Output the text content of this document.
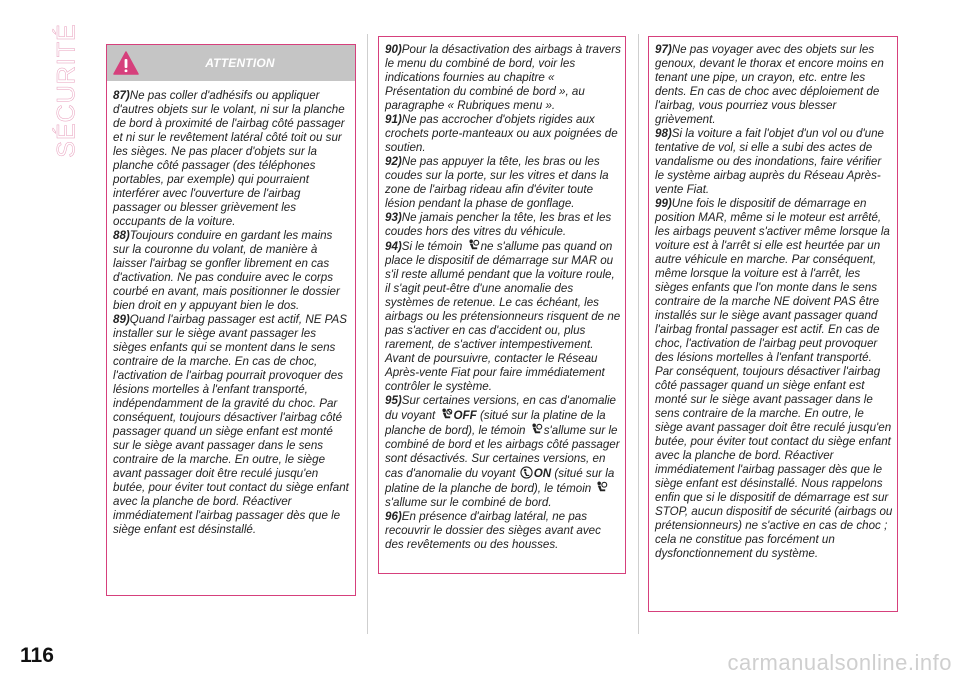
SÉCURITÉ	ATTENTION

87)Ne pas coller d'adhésifs ou appliquer d'autres objets sur le volant, ni sur la planche de bord à proximité de l'airbag côté passager et ni sur le revêtement latéral côté toit ou sur les sièges. Ne pas placer d'objets sur la planche côté passager (des téléphones portables, par exemple) qui pourraient interférer avec l'ouverture de l'airbag passager ou blesser grièvement les occupants de la voiture.

88)Toujours conduire en gardant les mains sur la couronne du volant, de manière à laisser l'airbag se gonfler librement en cas d'activation. Ne pas conduire avec le corps courbé en avant, mais positionner le dossier bien droit en y appuyant bien le dos.

89)Quand l'airbag passager est actif, NE PAS installer sur le siège avant passager les sièges enfants qui se montent dans le sens contraire de la marche. En cas de choc, l'activation de l'airbag pourrait provoquer des lésions mortelles à l'enfant transporté, indépendamment de la gravité du choc. Par conséquent, toujours désactiver l'airbag côté passager quand un siège enfant est monté sur le siège avant passager dans le sens contraire de la marche. En outre, le siège avant passager doit être reculé jusqu'en butée, pour éviter tout contact du siège enfant avec la planche de bord. Réactiver immédiatement l'airbag passager dès que le siège enfant est désinstallé.

90)Pour la désactivation des airbags à travers le menu du combiné de bord, voir les indications fournies au chapitre « Présentation du combiné de bord », au paragraphe « Rubriques menu ».

91)Ne pas accrocher d'objets rigides aux crochets porte-manteaux ou aux poignées de soutien.

92)Ne pas appuyer la tête, les bras ou les coudes sur la porte, sur les vitres et dans la zone de l'airbag rideau afin d'éviter toute lésion pendant la phase de gonflage.

93)Ne jamais pencher la tête, les bras et les coudes hors des vitres du véhicule.

94)Si le témoin ne s'allume pas quand on place le dispositif de démarrage sur MAR ou s'il reste allumé pendant que la voiture roule, il s'agit peut-être d'une anomalie des systèmes de retenue. Le cas échéant, les airbags ou les prétensionneurs risquent de ne pas s'activer en cas d'accident ou, plus rarement, de s'activer intempestivement. Avant de poursuivre, contacter le Réseau Après-vente Fiat pour faire immédiatement contrôler le système.

95)Sur certaines versions, en cas d'anomalie du voyant OFF (situé sur la platine de la planche de bord), le témoin s'allume sur le combiné de bord et les airbags côté passager sont désactivés. Sur certaines versions, en cas d'anomalie du voyant ON (situé sur la platine de la planche de bord), le témoin s'allume sur le combiné de bord.

96)En présence d'airbag latéral, ne pas recouvrir le dossier des sièges avant avec des revêtements ou des housses.

97)Ne pas voyager avec des objets sur les genoux, devant le thorax et encore moins en tenant une pipe, un crayon, etc. entre les dents. En cas de choc avec déploiement de l'airbag, vous pourriez vous blesser grièvement.

98)Si la voiture a fait l'objet d'un vol ou d'une tentative de vol, si elle a subi des actes de vandalisme ou des inondations, faire vérifier le système airbag auprès du Réseau Après-vente Fiat.

99)Une fois le dispositif de démarrage en position MAR, même si le moteur est arrêté, les airbags peuvent s'activer même lorsque la voiture est à l'arrêt si elle est heurtée par un autre véhicule en marche. Par conséquent, même lorsque la voiture est à l'arrêt, les sièges enfants que l'on monte dans le sens contraire de la marche NE doivent PAS être installés sur le siège avant passager quand l'airbag frontal passager est actif. En cas de choc, l'activation de l'airbag peut provoquer des lésions mortelles à l'enfant transporté. Par conséquent, toujours désactiver l'airbag côté passager quand un siège enfant est monté sur le siège avant passager dans le sens contraire de la marche. En outre, le siège avant passager doit être reculé jusqu'en butée, pour éviter tout contact du siège enfant avec la planche de bord. Réactiver immédiatement l'airbag passager dès que le siège enfant est désinstallé. Nous rappelons enfin que si le dispositif de démarrage est sur STOP, aucun dispositif de sécurité (airbags ou prétensionneurs) ne s'active en cas de choc ; cela ne constitue pas forcément un dysfonctionnement du système.

116	carmanualsonline.info
